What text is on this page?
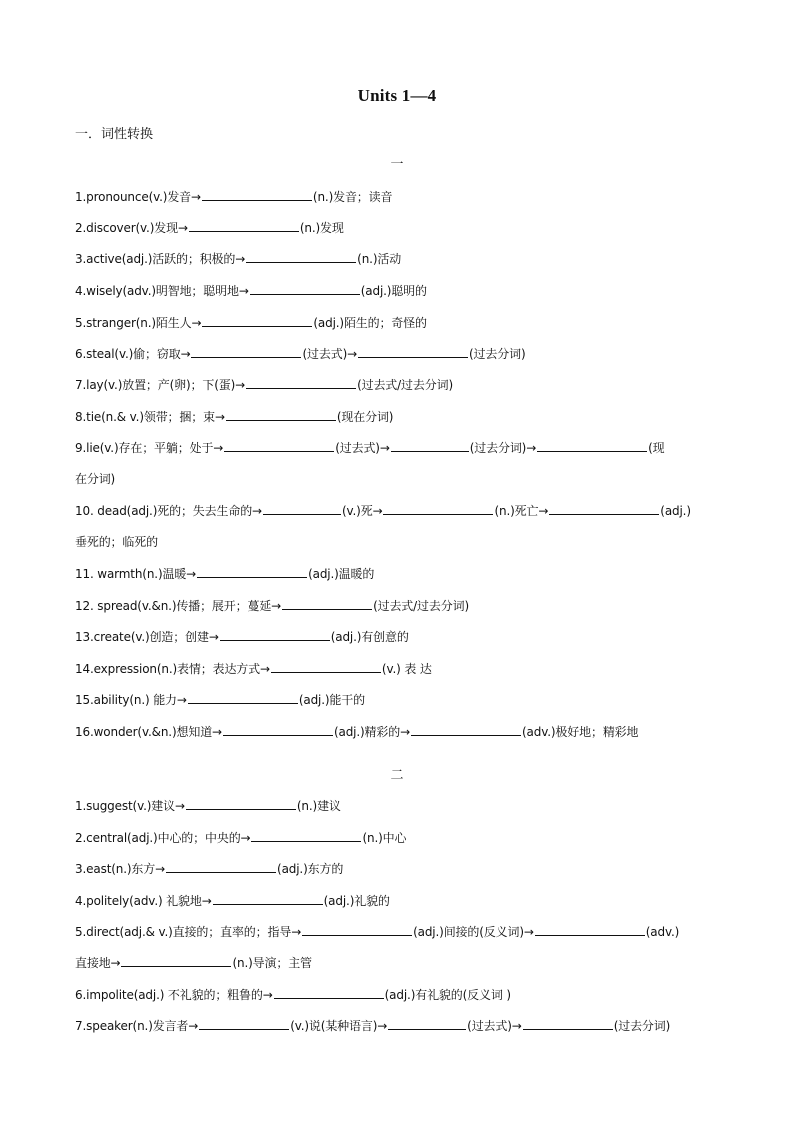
Units 1—4
一．词性转换
一
1.pronounce(v.)发音→	(n.)发音；读音
2.discover(v.)发现→	(n.)发现
3.active(adj.)活跃的；积极的→	(n.)活动
4.wisely(adv.)明智地；聪明地→	(adj.)聪明的
5.stranger(n.)陌生人→	(adj.)陌生的；奇怪的
6.steal(v.)偷；窃取→	(过去式)→	(过去分词)
7.lay(v.)放置；产(卵)；下(蛋)→	(过去式/过去分词)
8.tie(n.& v.)领带；捆；束→	(现在分词)
9.lie(v.)存在；平躺；处于→	(过去式)→	(过去分词)→	(现
在分词)
10. dead(adj.)死的；失去生命的→	(v.)死→	(n.)死亡→	(adj.)
垂死的；临死的
11. warmth(n.)温暖→	(adj.)温暖的
12. spread(v.&n.)传播；展开；蔓延→	(过去式/过去分词)
13.create(v.)创造；创建→	(adj.)有创意的
14.expression(n.)表情；表达方式→	(v.) 表 达
15.ability(n.) 能力→	(adj.)能干的
16.wonder(v.&n.)想知道→	(adj.)精彩的→	(adv.)极好地；精彩地
二
1.suggest(v.)建议→	(n.)建议
2.central(adj.)中心的；中央的→	(n.)中心
3.east(n.)东方→	(adj.)东方的
4.politely(adv.) 礼貌地→	(adj.)礼貌的
5.direct(adj.& v.)直接的；直率的；指导→	(adj.)间接的(反义词)→	(adv.)
直接地→	(n.)导演；主管
6.impolite(adj.) 不礼貌的；粗鲁的→	(adj.)有礼貌的(反义词 )
7.speaker(n.)发言者→	(v.)说(某种语言)→	(过去式)→	(过去分词)
